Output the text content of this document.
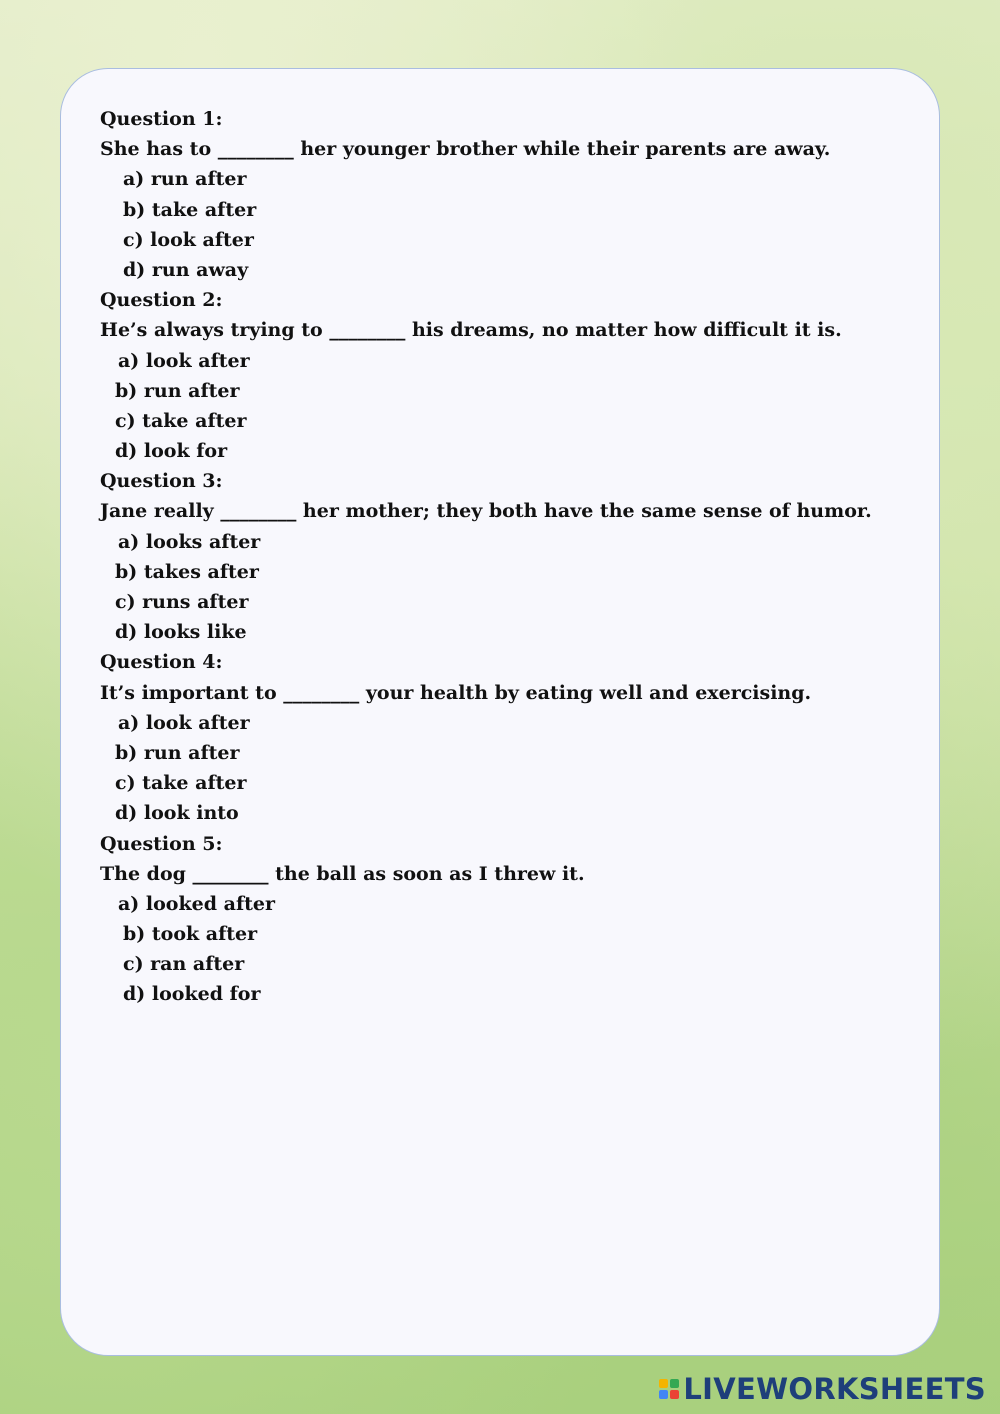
Question 1:
She has to ________ her younger brother while their parents are away.
a) run after
b) take after
c) look after
d) run away
Question 2:
He’s always trying to ________ his dreams, no matter how difficult it is.
a) look after
b) run after
c) take after
d) look for
Question 3:
Jane really ________ her mother; they both have the same sense of humor.
a) looks after
b) takes after
c) runs after
d) looks like
Question 4:
It’s important to ________ your health by eating well and exercising.
a) look after
b) run after
c) take after
d) look into
Question 5:
The dog ________ the ball as soon as I threw it.
a) looked after
b) took after
c) ran after
d) looked for
LIVEWORKSHEETS
